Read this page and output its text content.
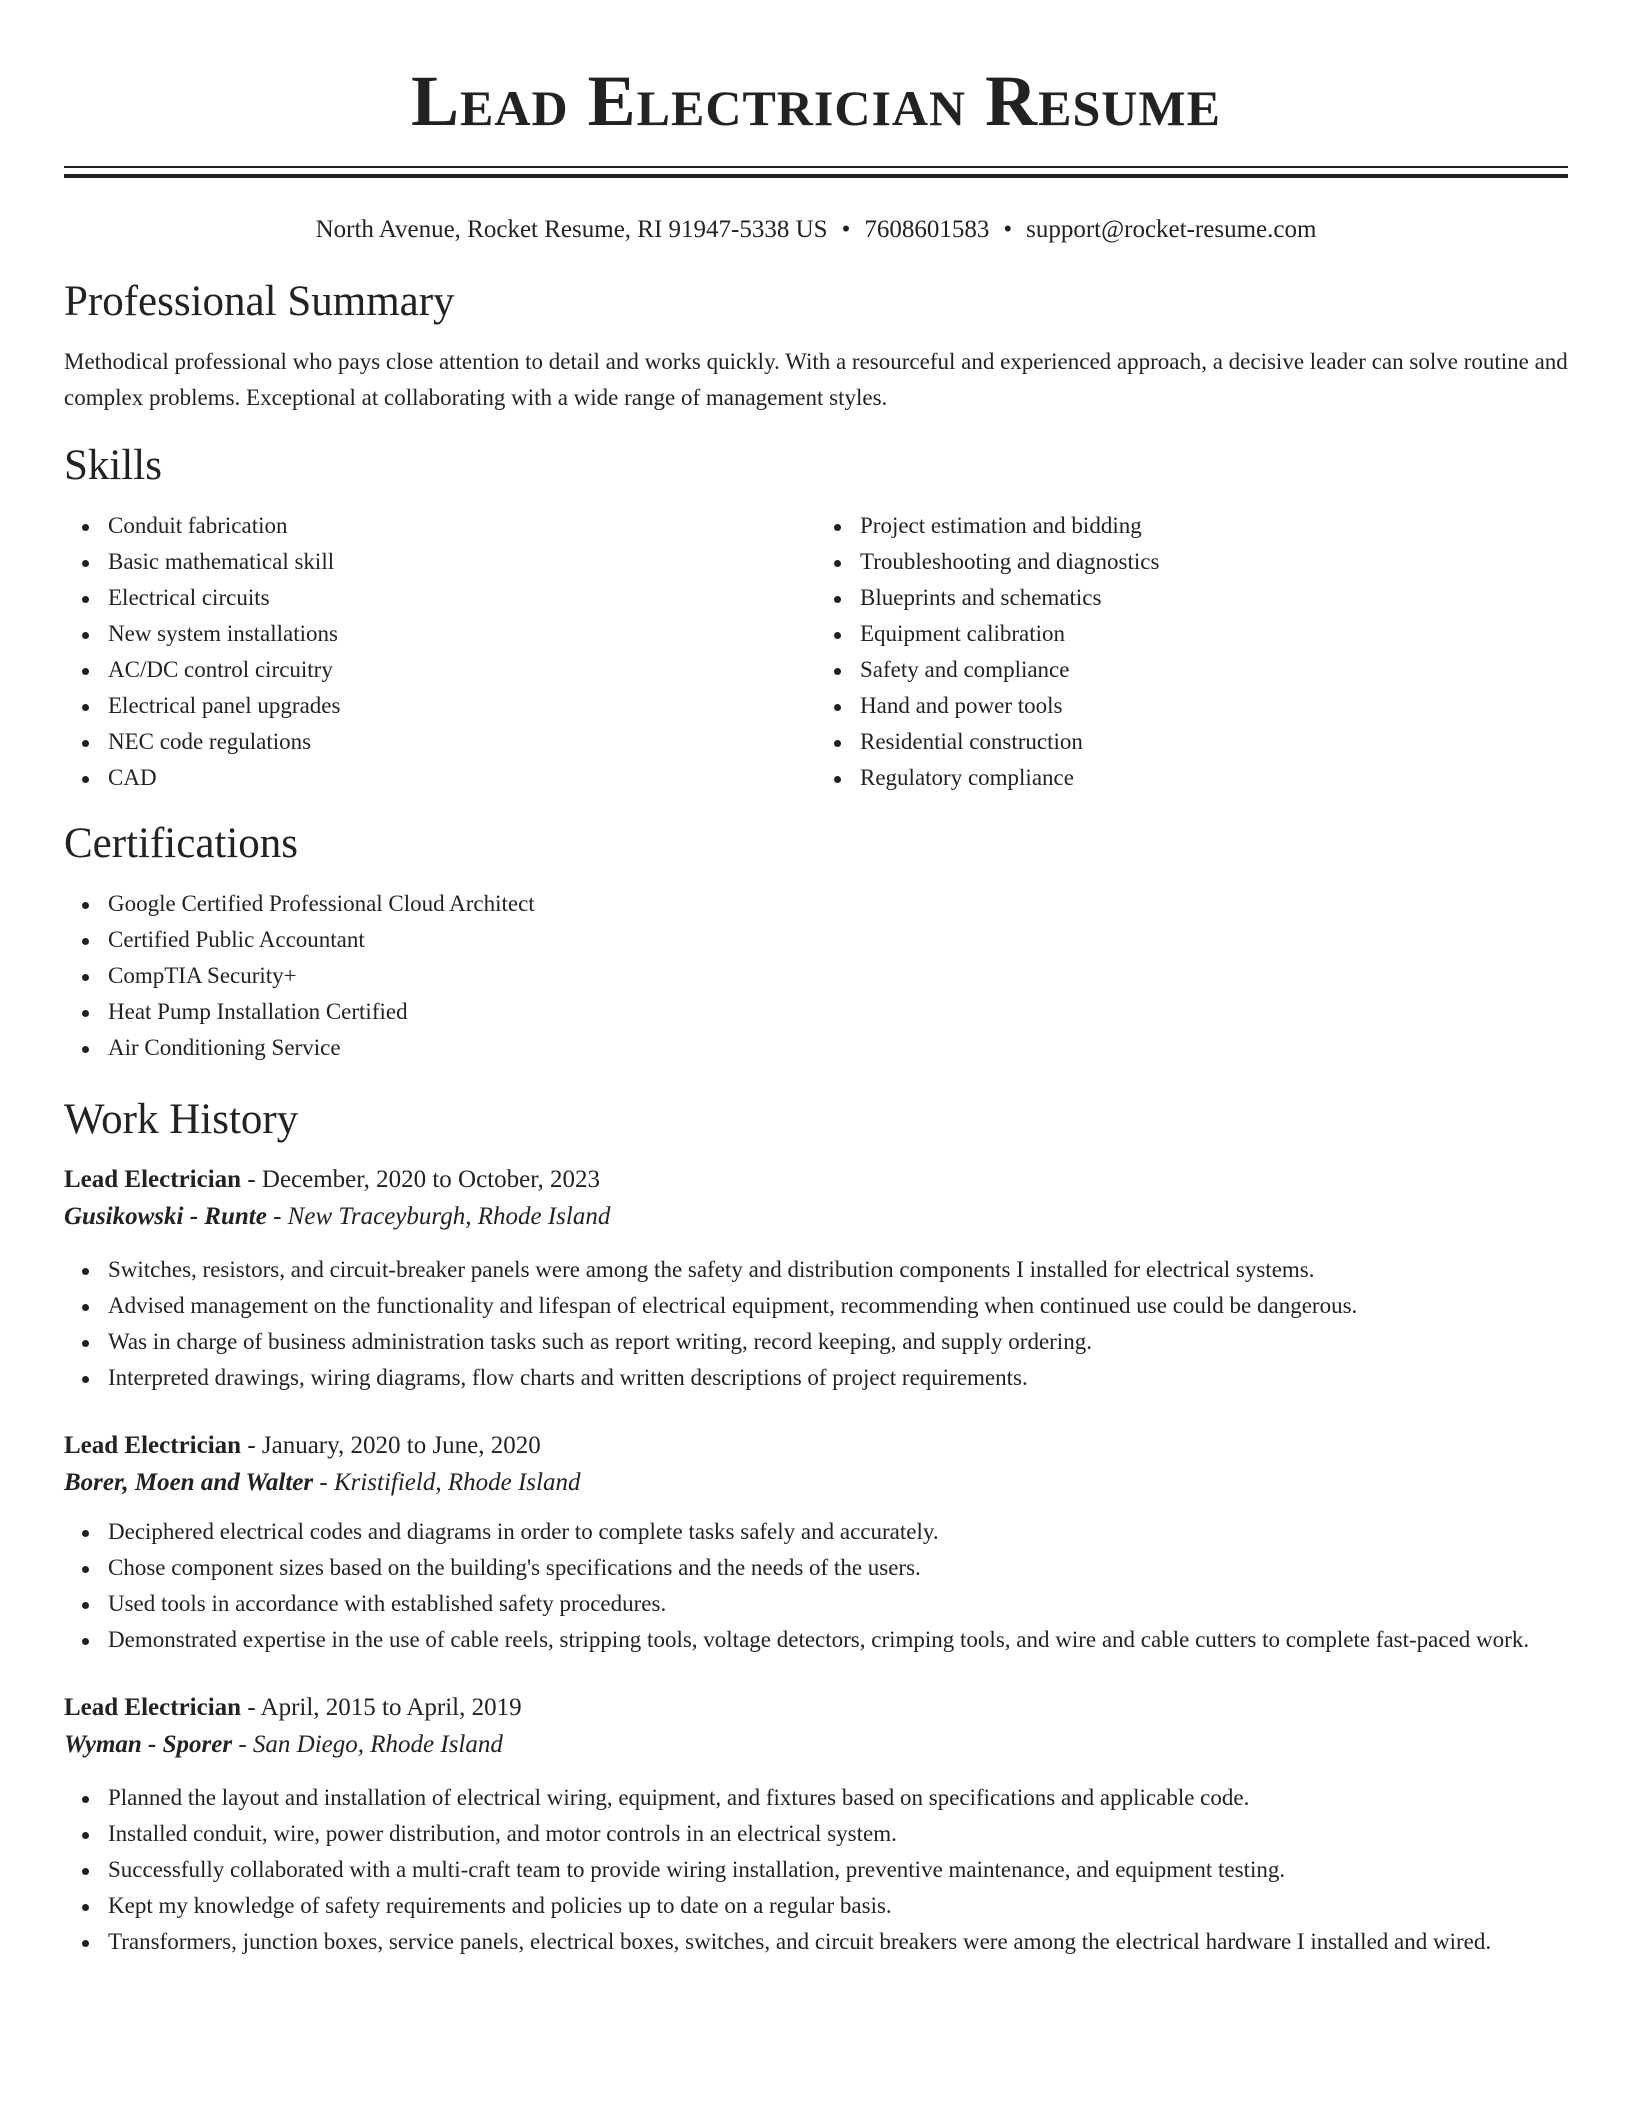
Lead Electrician Resume
North Avenue, Rocket Resume, RI 91947-5338 US • 7608601583 • support@rocket-resume.com
Professional Summary

Methodical professional who pays close attention to detail and works quickly. With a resourceful and experienced approach, a decisive leader can solve routine and complex problems. Exceptional at collaborating with a wide range of management styles.

Skills
Conduit fabrication
Basic mathematical skill
Electrical circuits
New system installations
AC/DC control circuitry
Electrical panel upgrades
NEC code regulations
CAD
Project estimation and bidding
Troubleshooting and diagnostics
Blueprints and schematics
Equipment calibration
Safety and compliance
Hand and power tools
Residential construction
Regulatory compliance
Certifications
Google Certified Professional Cloud Architect
Certified Public Accountant
CompTIA Security+
Heat Pump Installation Certified
Air Conditioning Service
Work History
Lead Electrician - December, 2020 to October, 2023
Gusikowski - Runte - New Traceyburgh, Rhode Island
Switches, resistors, and circuit-breaker panels were among the safety and distribution components I installed for electrical systems.
Advised management on the functionality and lifespan of electrical equipment, recommending when continued use could be dangerous.
Was in charge of business administration tasks such as report writing, record keeping, and supply ordering.
Interpreted drawings, wiring diagrams, flow charts and written descriptions of project requirements.
Lead Electrician - January, 2020 to June, 2020
Borer, Moen and Walter - Kristifield, Rhode Island
Deciphered electrical codes and diagrams in order to complete tasks safely and accurately.
Chose component sizes based on the building's specifications and the needs of the users.
Used tools in accordance with established safety procedures.
Demonstrated expertise in the use of cable reels, stripping tools, voltage detectors, crimping tools, and wire and cable cutters to complete fast-paced work.
Lead Electrician - April, 2015 to April, 2019
Wyman - Sporer - San Diego, Rhode Island
Planned the layout and installation of electrical wiring, equipment, and fixtures based on specifications and applicable code.
Installed conduit, wire, power distribution, and motor controls in an electrical system.
Successfully collaborated with a multi-craft team to provide wiring installation, preventive maintenance, and equipment testing.
Kept my knowledge of safety requirements and policies up to date on a regular basis.
Transformers, junction boxes, service panels, electrical boxes, switches, and circuit breakers were among the electrical hardware I installed and wired.
